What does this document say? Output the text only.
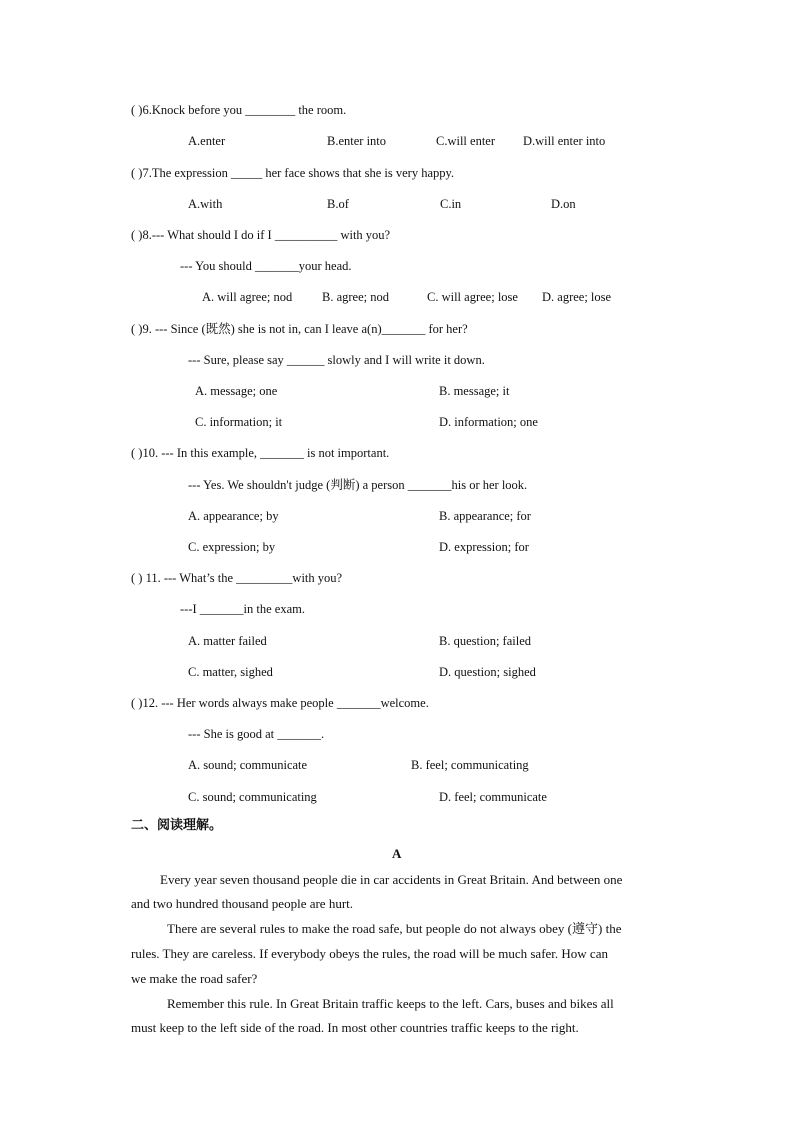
( )6.Knock before you ________ the room.
A.enter	B.enter into	C.will enter D.will enter into
( )7.The expression _____ her face shows that she is very happy.
A.with	B.of	C.in	D.on
( )8.--- What should I do if I __________ with you?
--- You should _______your head.
A. will agree; nod B. agree; nod	C. will agree; lose D. agree; lose
( )9. --- Since (既然) she is not in, can I leave a(n)_______ for her?
--- Sure, please say ______ slowly and I will write it down.
A. message; one	B. message; it
C. information; it	D. information; one
( )10. --- In this example, _______ is not important.
--- Yes. We shouldn't judge (判断) a person _______his or her look.
A. appearance; by	B. appearance; for
C. expression; by	D. expression; for
( ) 11. --- What’s the _________with you?
---I _______in the exam.
A. matter failed	B. question; failed
C. matter, sighed	D. question; sighed
( )12. --- Her words always make people _______welcome.
--- She is good at _______.
A. sound; communicate	B. feel; communicating
C. sound; communicating	D. feel; communicate
二、阅读理解。
A
Every year seven thousand people die in car accidents in Great Britain. And between one
and two hundred thousand people are hurt.
There are several rules to make the road safe, but people do not always obey (遵守) the
rules. They are careless. If everybody obeys the rules, the road will be much safer. How can
we make the road safer?
Remember this rule. In Great Britain traffic keeps to the left. Cars, buses and bikes all
must keep to the left side of the road. In most other countries traffic keeps to the right.
